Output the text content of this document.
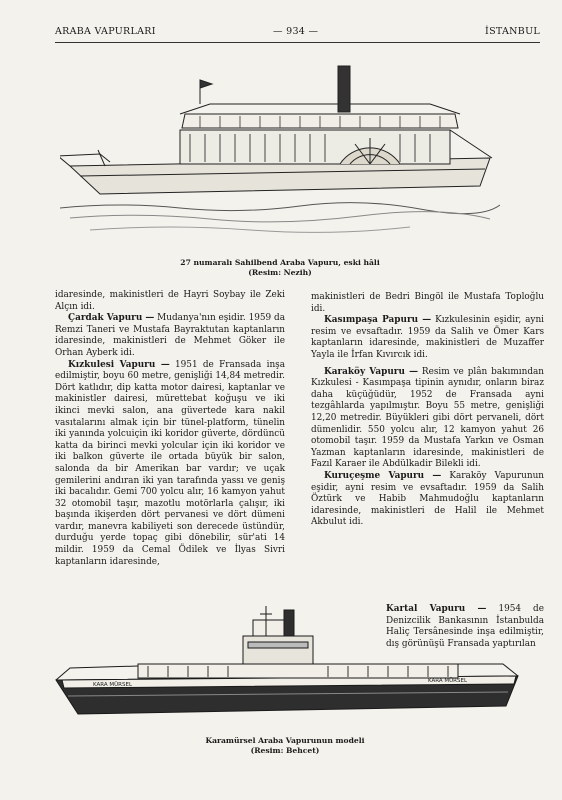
ARABA VAPURLARI	— 934 —	İSTANBUL
27 numaralı Sahilbend Araba Vapuru, eski hâli
(Resim: Nezih)

idaresinde, makinistleri de Hayri Soybay ile Zeki Alçın idi.

Çardak Vapuru — Mudanya'nın eşidir. 1959 da Remzi Taneri ve Mustafa Bayraktutan kaptanların idaresinde, makinistleri de Mehmet Göker ile Orhan Ayberk idi.

Kızkulesi Vapuru — 1951 de Fransada inşa edilmiştir, boyu 60 metre, genişliği 14,84 metredir. Dört katlıdır, dip katta motor dairesi, kaptanlar ve makinistler dairesi, mürettebat koğuşu ve iki ikinci mevki salon, ana güvertede kara nakil vasıtalarını almak için bir tünel-platform, tünelin iki yanında yolcuiçin iki koridor güverte, dördüncü katta da birinci mevki yolcular için iki koridor ve iki balkon güverte ile ortada büyük bir salon, salonda da bir Amerikan bar vardır; ve uçak gemilerini andıran iki yan tarafında yassı ve geniş iki bacalıdır. Gemi 700 yolcu alır, 16 kamyon yahut 32 otomobil taşır, mazotlu motörlarla çalışır, iki başında ikişerden dört pervanesi ve dört dümeni vardır, manevra kabiliyeti son derecede üstündür, durduğu yerde topaç gibi dönebilir, sür'ati 14 mildir. 1959 da Cemal Ödilek ve İlyas Sivri kaptanların idaresinde,

makinistleri de Bedri Bingöl ile Mustafa Toploğlu idi.

Kasımpaşa Papuru — Kızkulesinin eşidir, ayni resim ve evsaftadır. 1959 da Salih ve Ömer Kars kaptanların idaresinde, makinistleri de Muzaffer Yayla ile İrfan Kıvırcık idi.

Karaköy Vapuru — Resim ve plân bakımından Kızkulesi - Kasımpaşa tipinin aynıdır, onların biraz daha küçüğüdür, 1952 de Fransada ayni tezgâhlarda yapılmıştır. Boyu 55 metre, genişliği 12,20 metredir. Büyükleri gibi dört pervaneli, dört dümenlidir. 550 yolcu alır, 12 kamyon yahut 26 otomobil taşır. 1959 da Mustafa Yarkın ve Osman Yazman kaptanların idaresinde, makinistleri de Fazıl Karaer ile Abdülkadir Bilekli idi.

Kuruçeşme Vapuru — Karaköy Vapurunun eşidir, ayni resim ve evsaftadır. 1959 da Salih Öztürk ve Habib Mahmudoğlu kaptanların idaresinde, makinistleri de Halil ile Mehmet Akbulut idi.

Kartal Vapuru — 1954 de Denizcilik Bankasının İstanbulda Haliç Tersânesinde inşa edilmiştir, dış görünüşü Fransada yaptırılan
KARA MÜRSEL
KARA MÜRSEL
Karamürsel Araba Vapurunun modeli
(Resim: Behcet)
